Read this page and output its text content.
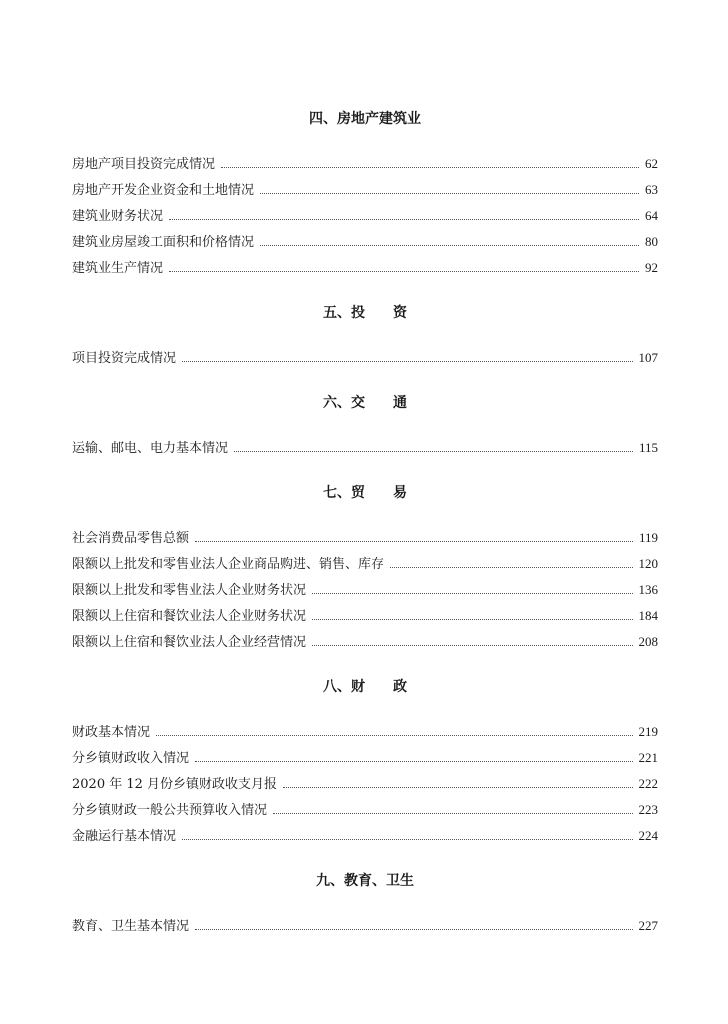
四、房地产建筑业
房地产项目投资完成情况	62
房地产开发企业资金和土地情况	63
建筑业财务状况	64
建筑业房屋竣工面积和价格情况	80
建筑业生产情况	92
五、投　　资
项目投资完成情况	107
六、交　　通
运输、邮电、电力基本情况	115
七、贸　　易
社会消费品零售总额	119
限额以上批发和零售业法人企业商品购进、销售、库存	120
限额以上批发和零售业法人企业财务状况	136
限额以上住宿和餐饮业法人企业财务状况	184
限额以上住宿和餐饮业法人企业经营情况	208
八、财　　政
财政基本情况	219
分乡镇财政收入情况	221
2020 年 12 月份乡镇财政收支月报	222
分乡镇财政一般公共预算收入情况	223
金融运行基本情况	224
九、教育、卫生
教育、卫生基本情况	227
